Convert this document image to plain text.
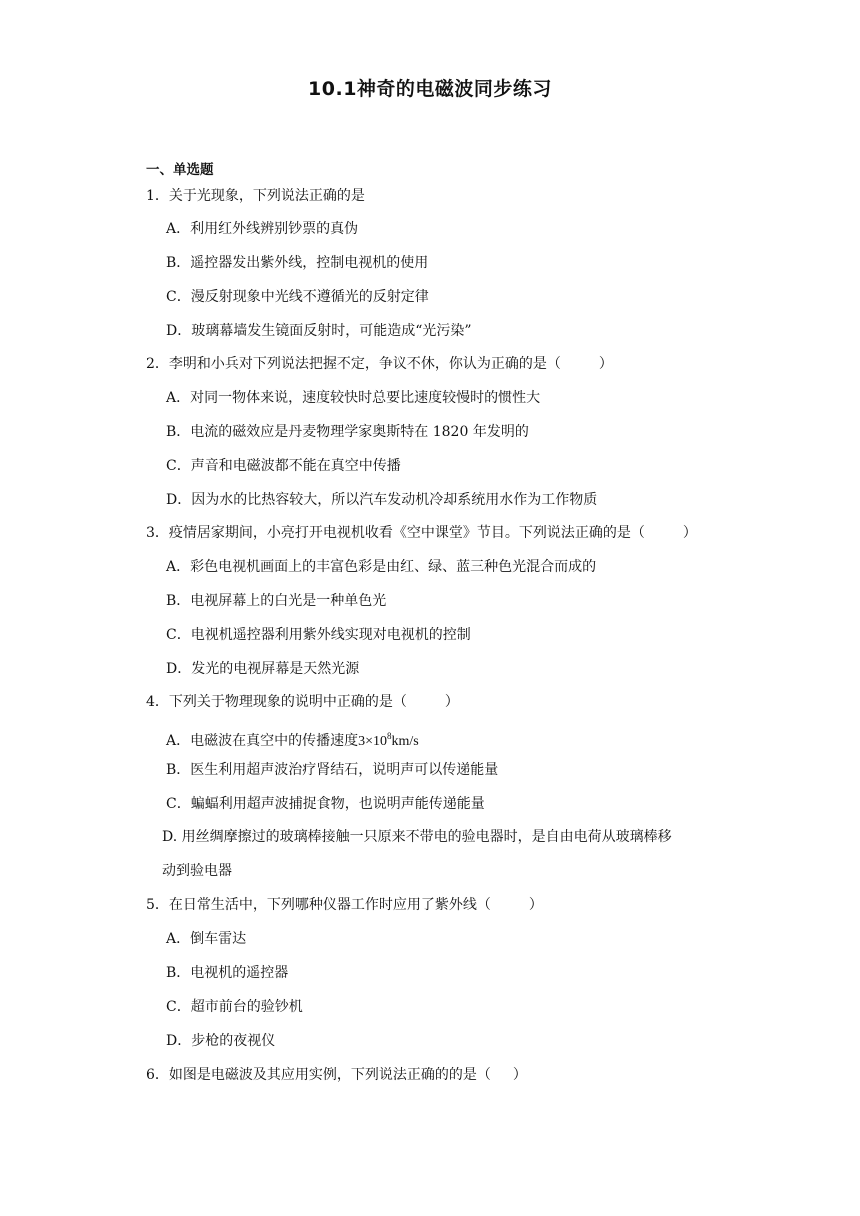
10.1神奇的电磁波同步练习
一、单选题
1．关于光现象，下列说法正确的是
A．利用红外线辨别钞票的真伪
B．遥控器发出紫外线，控制电视机的使用
C．漫反射现象中光线不遵循光的反射定律
D．玻璃幕墙发生镜面反射时，可能造成“光污染”
2．李明和小兵对下列说法把握不定，争议不休，你认为正确的是（	）
A．对同一物体来说，速度较快时总要比速度较慢时的惯性大
B．电流的磁效应是丹麦物理学家奥斯特在 1820 年发明的
C．声音和电磁波都不能在真空中传播
D．因为水的比热容较大，所以汽车发动机冷却系统用水作为工作物质
3．疫情居家期间，小亮打开电视机收看《空中课堂》节目。下列说法正确的是（	）
A．彩色电视机画面上的丰富色彩是由红、绿、蓝三种色光混合而成的
B．电视屏幕上的白光是一种单色光
C．电视机遥控器利用紫外线实现对电视机的控制
D．发光的电视屏幕是天然光源
4．下列关于物理现象的说明中正确的是（	）
A．电磁波在真空中的传播速度$3\times 10^8km/s$
B．医生利用超声波治疗肾结石，说明声可以传递能量
C．蝙蝠利用超声波捕捉食物，也说明声能传递能量
D. 用丝绸摩擦过的玻璃棒接触一只原来不带电的验电器时，是自由电荷从玻璃棒移
动到验电器
5．在日常生活中，下列哪种仪器工作时应用了紫外线（	）
A．倒车雷达
B．电视机的遥控器
C．超市前台的验钞机
D．步枪的夜视仪
6．如图是电磁波及其应用实例，下列说法正确的的是（ ）
